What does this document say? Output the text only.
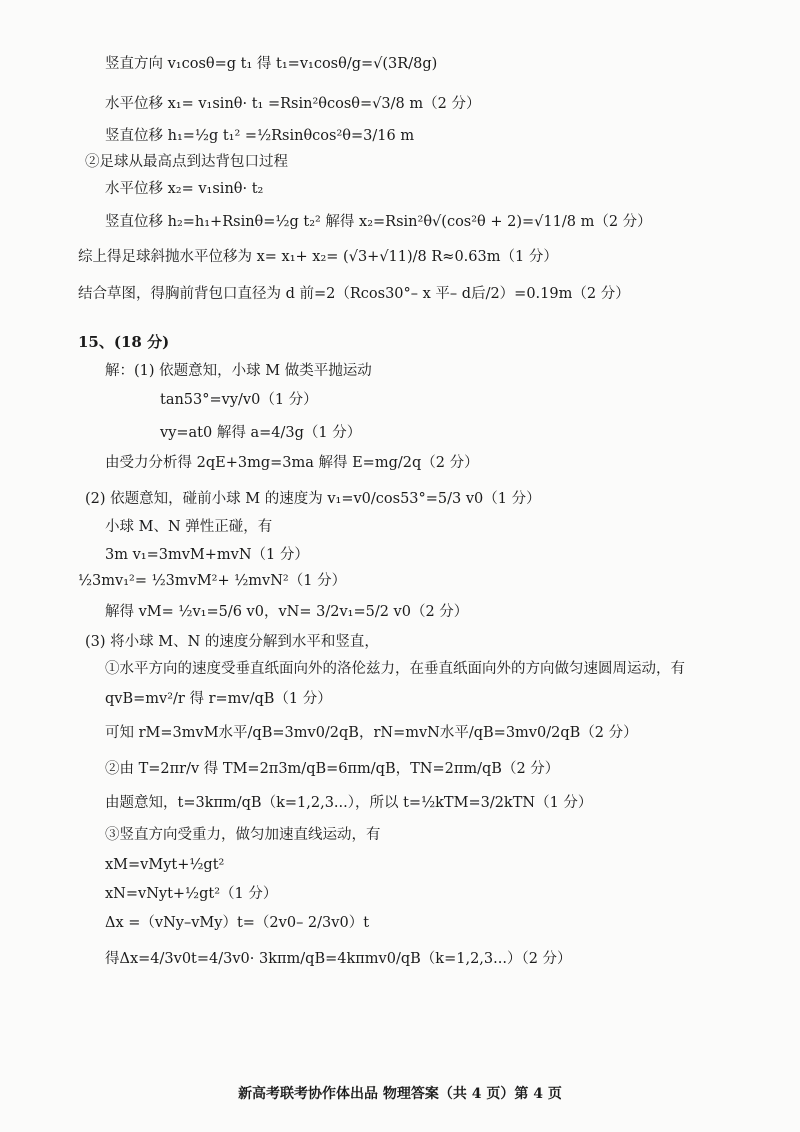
竖直方向 v₁cosθ=g t₁ 得 t₁=v₁cosθ/g=√(3R/8g)
水平位移 x₁= v₁sinθ· t₁ =Rsin²θcosθ=√3/8 m（2 分）
竖直位移 h₁=½g t₁² =½Rsinθcos²θ=3/16 m
②足球从最高点到达背包口过程
水平位移 x₂= v₁sinθ· t₂
竖直位移 h₂=h₁+Rsinθ=½g t₂² 解得 x₂=Rsin²θ√(cos²θ + 2)=√11/8 m（2 分）
综上得足球斜抛水平位移为 x= x₁+ x₂= (√3+√11)/8 R≈0.63m（1 分）
结合草图，得胸前背包口直径为 d 前=2（Rcos30°– x 平– d后/2）=0.19m（2 分）
15、(18 分)
解：(1) 依题意知，小球 M 做类平抛运动
tan53°=vy/v0（1 分）
vy=at0 解得 a=4/3g（1 分）
由受力分析得 2qE+3mg=3ma 解得 E=mg/2q（2 分）
(2) 依题意知，碰前小球 M 的速度为 v₁=v0/cos53°=5/3 v0（1 分）
小球 M、N 弹性正碰，有
3m v₁=3mvM+mvN（1 分）
½3mv₁²= ½3mvM²+ ½mvN²（1 分）
解得 vM= ½v₁=5/6 v0，vN= 3/2v₁=5/2 v0（2 分）
(3) 将小球 M、N 的速度分解到水平和竖直，
①水平方向的速度受垂直纸面向外的洛伦兹力，在垂直纸面向外的方向做匀速圆周运动，有
qvB=mv²/r 得 r=mv/qB（1 分）
可知 rM=3mvM水平/qB=3mv0/2qB，rN=mvN水平/qB=3mv0/2qB（2 分）
②由 T=2πr/v 得 TM=2π3m/qB=6πm/qB，TN=2πm/qB（2 分）
由题意知，t=3kπm/qB（k=1,2,3...），所以 t=½kTM=3/2kTN（1 分）
③竖直方向受重力，做匀加速直线运动，有
xM=vMyt+½gt²
xN=vNyt+½gt²（1 分）
Δx =（vNy–vMy）t=（2v0– 2/3v0）t
得Δx=4/3v0t=4/3v0· 3kπm/qB=4kπmv0/qB（k=1,2,3...）（2 分）
新高考联考协作体出品 物理答案（共 4 页）第 4 页
